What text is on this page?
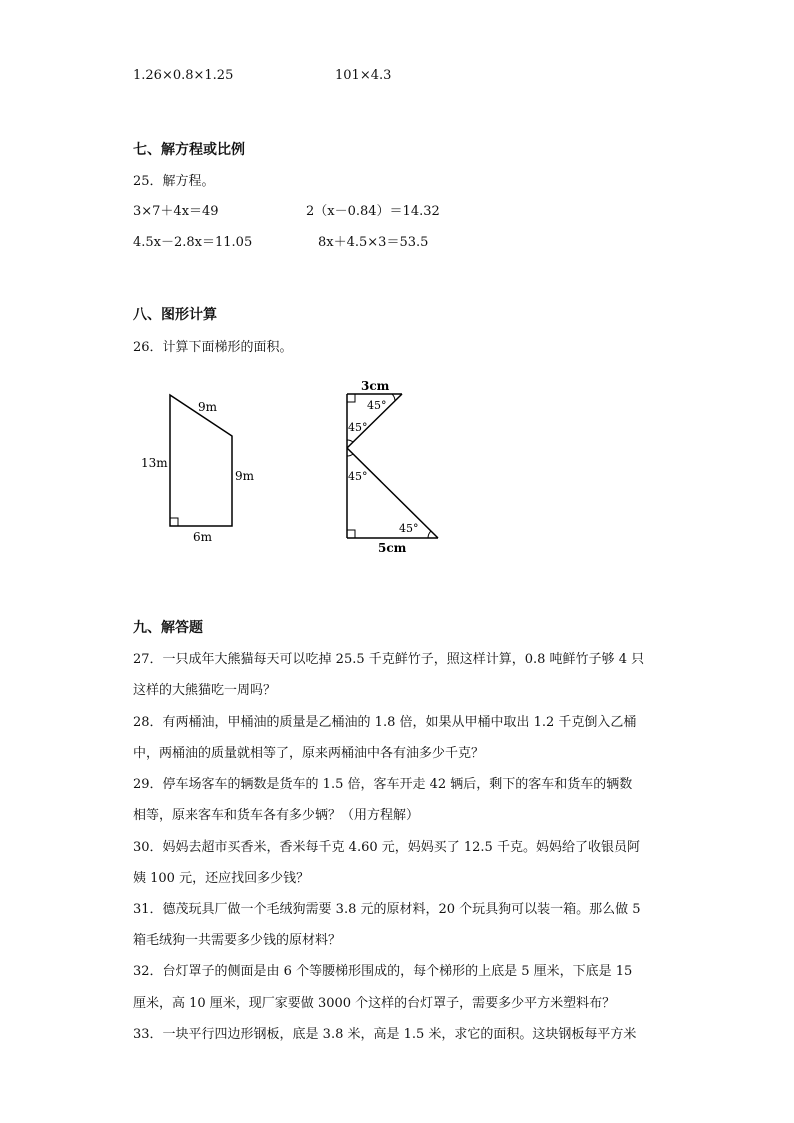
1.26×0.8×1.25	101×4.3
七、解方程或比例
25．解方程。
3×7＋4x＝49	2（x－0.84）＝14.32
4.5x－2.8x＝11.05	8x＋4.5×3＝53.5
八、图形计算
26．计算下面梯形的面积。
9m
13m
9m
6m
3cm
45°
45°
45°
45°
5cm
九、解答题
27．一只成年大熊猫每天可以吃掉 25.5 千克鲜竹子，照这样计算，0.8 吨鲜竹子够 4 只
这样的大熊猫吃一周吗？
28．有两桶油，甲桶油的质量是乙桶油的 1.8 倍，如果从甲桶中取出 1.2 千克倒入乙桶
中，两桶油的质量就相等了，原来两桶油中各有油多少千克？
29．停车场客车的辆数是货车的 1.5 倍，客车开走 42 辆后，剩下的客车和货车的辆数
相等，原来客车和货车各有多少辆？（用方程解）
30．妈妈去超市买香米，香米每千克 4.60 元，妈妈买了 12.5 千克。妈妈给了收银员阿
姨 100 元，还应找回多少钱？
31．德茂玩具厂做一个毛绒狗需要 3.8 元的原材料，20 个玩具狗可以装一箱。那么做 5
箱毛绒狗一共需要多少钱的原材料？
32．台灯罩子的侧面是由 6 个等腰梯形围成的，每个梯形的上底是 5 厘米，下底是 15
厘米，高 10 厘米，现厂家要做 3000 个这样的台灯罩子，需要多少平方米塑料布？
33．一块平行四边形钢板，底是 3.8 米，高是 1.5 米，求它的面积。这块钢板每平方米
